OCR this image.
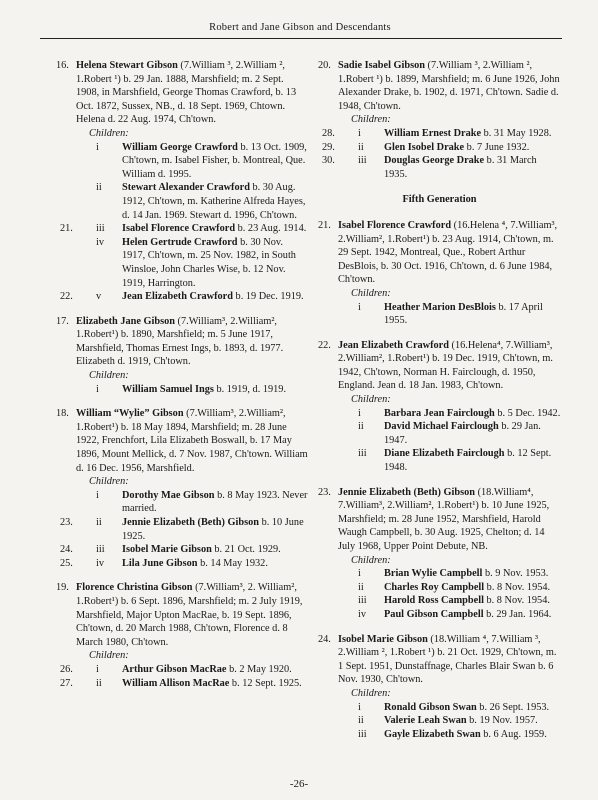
Robert and Jane Gibson and Descendants
16. Helena Stewart Gibson (7.William ³, 2.William ², 1.Robert ¹) b. 29 Jan. 1888, Marshfield; m. 2 Sept. 1908, in Marshfield, George Thomas Crawford, b. 13 Oct. 1872, Sussex, NB., d. 18 Sept. 1969, Chtown. Helena d. 22 Aug. 1974, Ch'town.
Children:
i	William George Crawford b. 13 Oct. 1909, Ch'town, m. Isabel Fisher, b. Montreal, Que. William d. 1995.
ii	Stewart Alexander Crawford b. 30 Aug. 1912, Ch'town, m. Katherine Alfreda Hayes, d. 14 Jan. 1969. Stewart d. 1996, Ch'town.
21.	iii	Isabel Florence Crawford b. 23 Aug. 1914.
iv	Helen Gertrude Crawford b. 30 Nov. 1917, Ch'town, m. 25 Nov. 1982, in South Winsloe, John Charles Wise, b. 12 Nov. 1919, Harrington.
22.	v	Jean Elizabeth Crawford b. 19 Dec. 1919.
17. Elizabeth Jane Gibson (7.William³, 2.William², 1.Robert¹) b. 1890, Marshfield; m. 5 June 1917, Marshfield, Thomas Ernest Ings, b. 1893, d. 1977. Elizabeth d. 1919, Ch'town.
Children:
i	William Samuel Ings b. 1919, d. 1919.
18. William “Wylie” Gibson (7.William³, 2.William², 1.Robert¹) b. 18 May 1894, Marshfield; m. 28 June 1922, Frenchfort, Lila Elizabeth Boswall, b. 17 May 1896, Mount Mellick, d. 7 Nov. 1987, Ch'town. William d. 16 Dec. 1956, Marshfield.
Children:
i	Dorothy Mae Gibson b. 8 May 1923. Never married.
23.	ii	Jennie Elizabeth (Beth) Gibson b. 10 June 1925.
24.	iii	Isobel Marie Gibson b. 21 Oct. 1929.
25.	iv	Lila June Gibson b. 14 May 1932.
19. Florence Christina Gibson (7.William³, 2. William², 1.Robert¹) b. 6 Sept. 1896, Marshfield; m. 2 July 1919, Marshfield, Major Upton MacRae, b. 19 Sept. 1896, Ch'town, d. 20 March 1988, Ch'town, Florence d. 8 March 1980, Ch'town.
Children:
26.	i	Arthur Gibson MacRae b. 2 May 1920.
27.	ii	William Allison MacRae b. 12 Sept. 1925.
20. Sadie Isabel Gibson (7.William ³, 2.William ², 1.Robert ¹) b. 1899, Marshfield; m. 6 June 1926, John Alexander Drake, b. 1902, d. 1971, Ch'town. Sadie d. 1948, Ch'town.
Children:
28.	i	William Ernest Drake b. 31 May 1928.
29.	ii	Glen Isobel Drake b. 7 June 1932.
30.	iii	Douglas George Drake b. 31 March 1935.
Fifth Generation
21. Isabel Florence Crawford (16.Helena ⁴, 7.William³, 2.William², 1.Robert¹) b. 23 Aug. 1914, Ch'town, m. 29 Sept. 1942, Montreal, Que., Robert Arthur DesBlois, b. 30 Oct. 1916, Ch'town, d. 6 June 1984, Ch'town.
Children:
i	Heather Marion DesBlois b. 17 April 1955.
22. Jean Elizabeth Crawford (16.Helena⁴, 7.William³, 2.William², 1.Robert¹) b. 19 Dec. 1919, Ch'town, m. 1942, Ch'town, Norman H. Fairclough, d. 1950, England. Jean d. 18 Jan. 1983, Ch'town.
Children:
i	Barbara Jean Fairclough b. 5 Dec. 1942.
ii	David Michael Fairclough b. 29 Jan. 1947.
iii	Diane Elizabeth Fairclough b. 12 Sept. 1948.
23. Jennie Elizabeth (Beth) Gibson (18.William⁴, 7.William³, 2.William², 1.Robert¹) b. 10 June 1925, Marshfield; m. 28 June 1952, Marshfield, Harold Waugh Campbell, b. 30 Aug. 1925, Chelton; d. 14 July 1968, Upper Point Debute, NB.
Children:
i	Brian Wylie Campbell b. 9 Nov. 1953.
ii	Charles Roy Campbell b. 8 Nov. 1954.
iii	Harold Ross Campbell b. 8 Nov. 1954.
iv	Paul Gibson Campbell b. 29 Jan. 1964.
24. Isobel Marie Gibson (18.William ⁴, 7.William ³, 2.William ², 1.Robert ¹) b. 21 Oct. 1929, Ch'town, m. 1 Sept. 1951, Dunstaffnage, Charles Blair Swan b. 6 Nov. 1930, Ch'town.
Children:
i	Ronald Gibson Swan b. 26 Sept. 1953.
ii	Valerie Leah Swan b. 19 Nov. 1957.
iii	Gayle Elizabeth Swan b. 6 Aug. 1959.
-26-
